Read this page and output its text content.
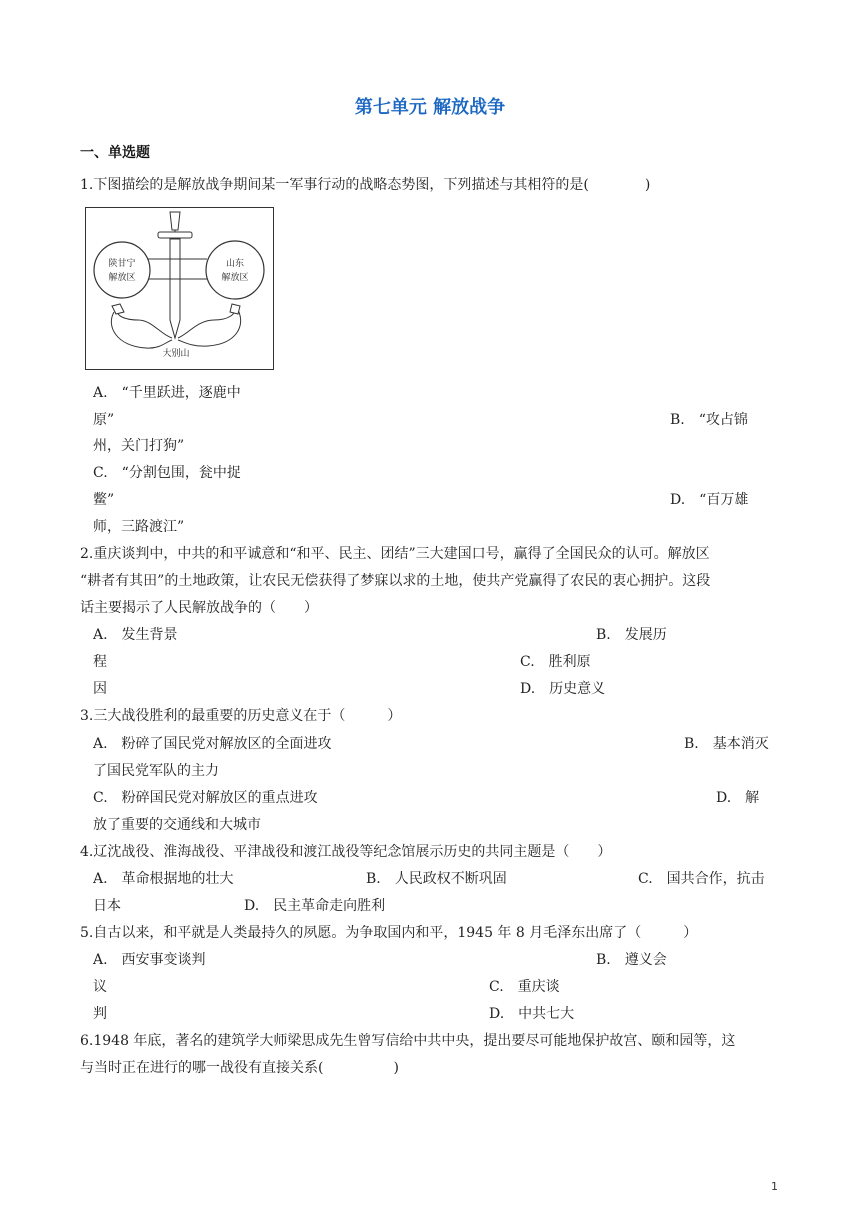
第七单元 解放战争
一、单选题
1.下图描绘的是解放战争期间某一军事行动的战略态势图，下列描述与其相符的是(　　　　)
陕甘宁
解放区
山东
解放区
大别山
A.　“千里跃进，逐鹿中
原”	B.　“攻占锦
州，关门打狗”
C.　“分割包围，瓮中捉
鳖”	D.　“百万雄
师，三路渡江”
2.重庆谈判中，中共的和平诚意和“和平、民主、团结”三大建国口号，赢得了全国民众的认可。解放区
“耕者有其田”的土地政策，让农民无偿获得了梦寐以求的土地，使共产党赢得了农民的衷心拥护。这段
话主要揭示了人民解放战争的（　　）
A.　发生背景	B.　发展历
程	C.　胜利原
因	D.　历史意义
3.三大战役胜利的最重要的历史意义在于（　　　）
A.　粉碎了国民党对解放区的全面进攻	B.　基本消灭
了国民党军队的主力
C.　粉碎国民党对解放区的重点进攻	D.　解
放了重要的交通线和大城市
4.辽沈战役、淮海战役、平津战役和渡江战役等纪念馆展示历史的共同主题是（　　）
A.　革命根据地的壮大	B.　人民政权不断巩固	C.　国共合作，抗击
日本	D.　民主革命走向胜利
5.自古以来，和平就是人类最持久的夙愿。为争取国内和平，1945 年 8 月毛泽东出席了（　　　）
A.　西安事变谈判	B.　遵义会
议	C.　重庆谈
判	D.　中共七大
6.1948 年底，著名的建筑学大师梁思成先生曾写信给中共中央，提出要尽可能地保护故宫、颐和园等，这
与当时正在进行的哪一战役有直接关系(　　　　　)
1
